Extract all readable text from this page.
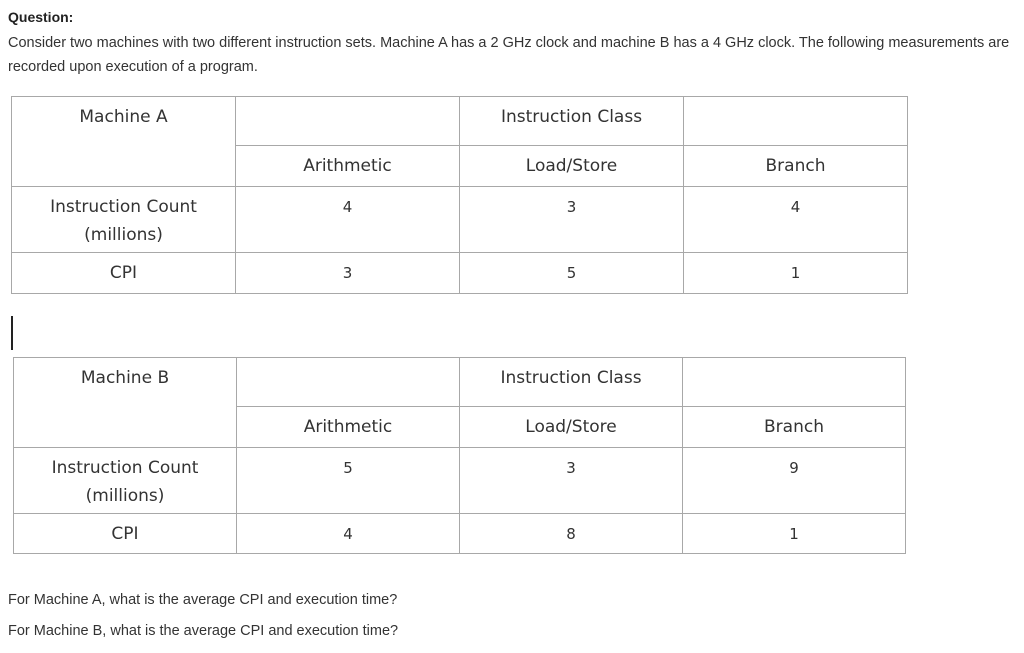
Question:
Consider two machines with two different instruction sets. Machine A has a 2 GHz clock and machine B has a 4 GHz clock. The following measurements are recorded upon execution of a program.
Machine A		Instruction Class	

	Arithmetic	Load/Store	Branch

Instruction Count
(millions)	4	3	4

CPI	3	5	1
Machine B		Instruction Class	

	Arithmetic	Load/Store	Branch

Instruction Count
(millions)	5	3	9

CPI	4	8	1
For Machine A, what is the average CPI and execution time?
For Machine B, what is the average CPI and execution time?
